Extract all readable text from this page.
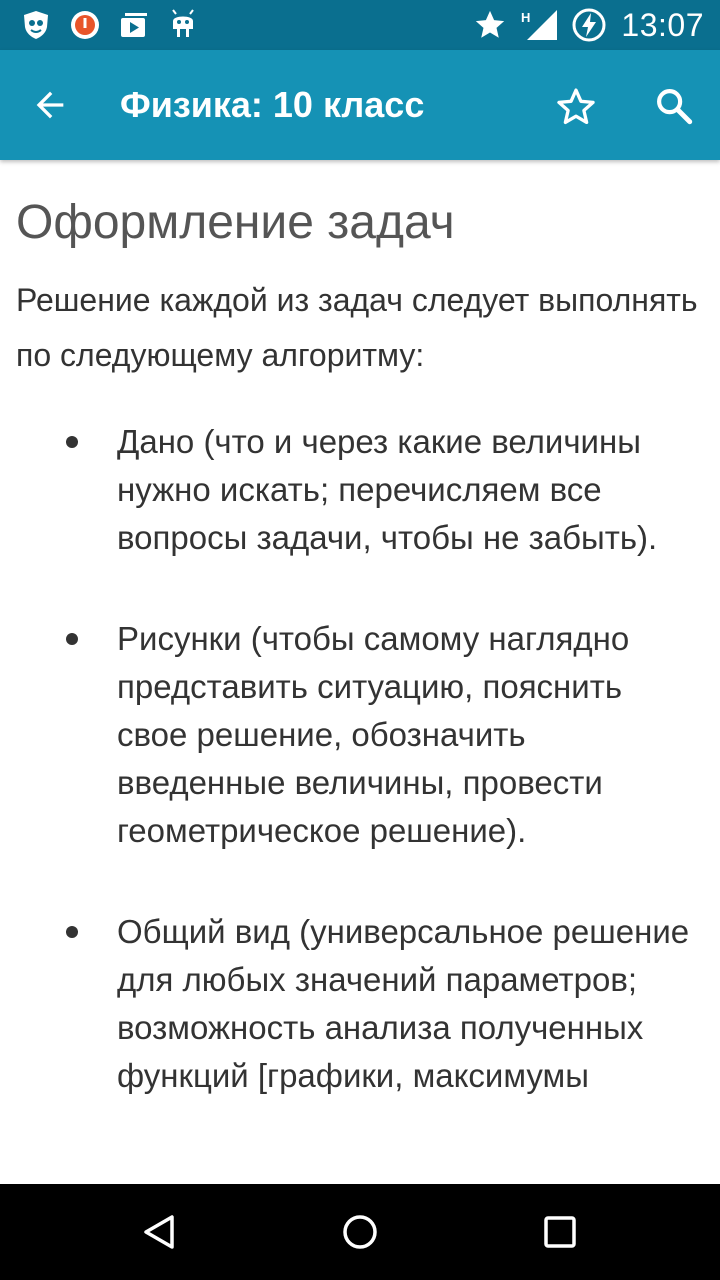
H	13:07
Физика: 10 класс
Оформление задач

Решение каждой из задач следует выполнять по следующему алгоритму:

Дано (что и через какие величины нужно искать; перечисляем все вопросы задачи, чтобы не забыть).
Рисунки (чтобы самому наглядно представить ситуацию, пояснить свое решение, обозначить введенные величины, провести геометрическое решение).
Общий вид (универсальное решение для любых значений параметров; возможность анализа полученных функций [графики, максимумы
